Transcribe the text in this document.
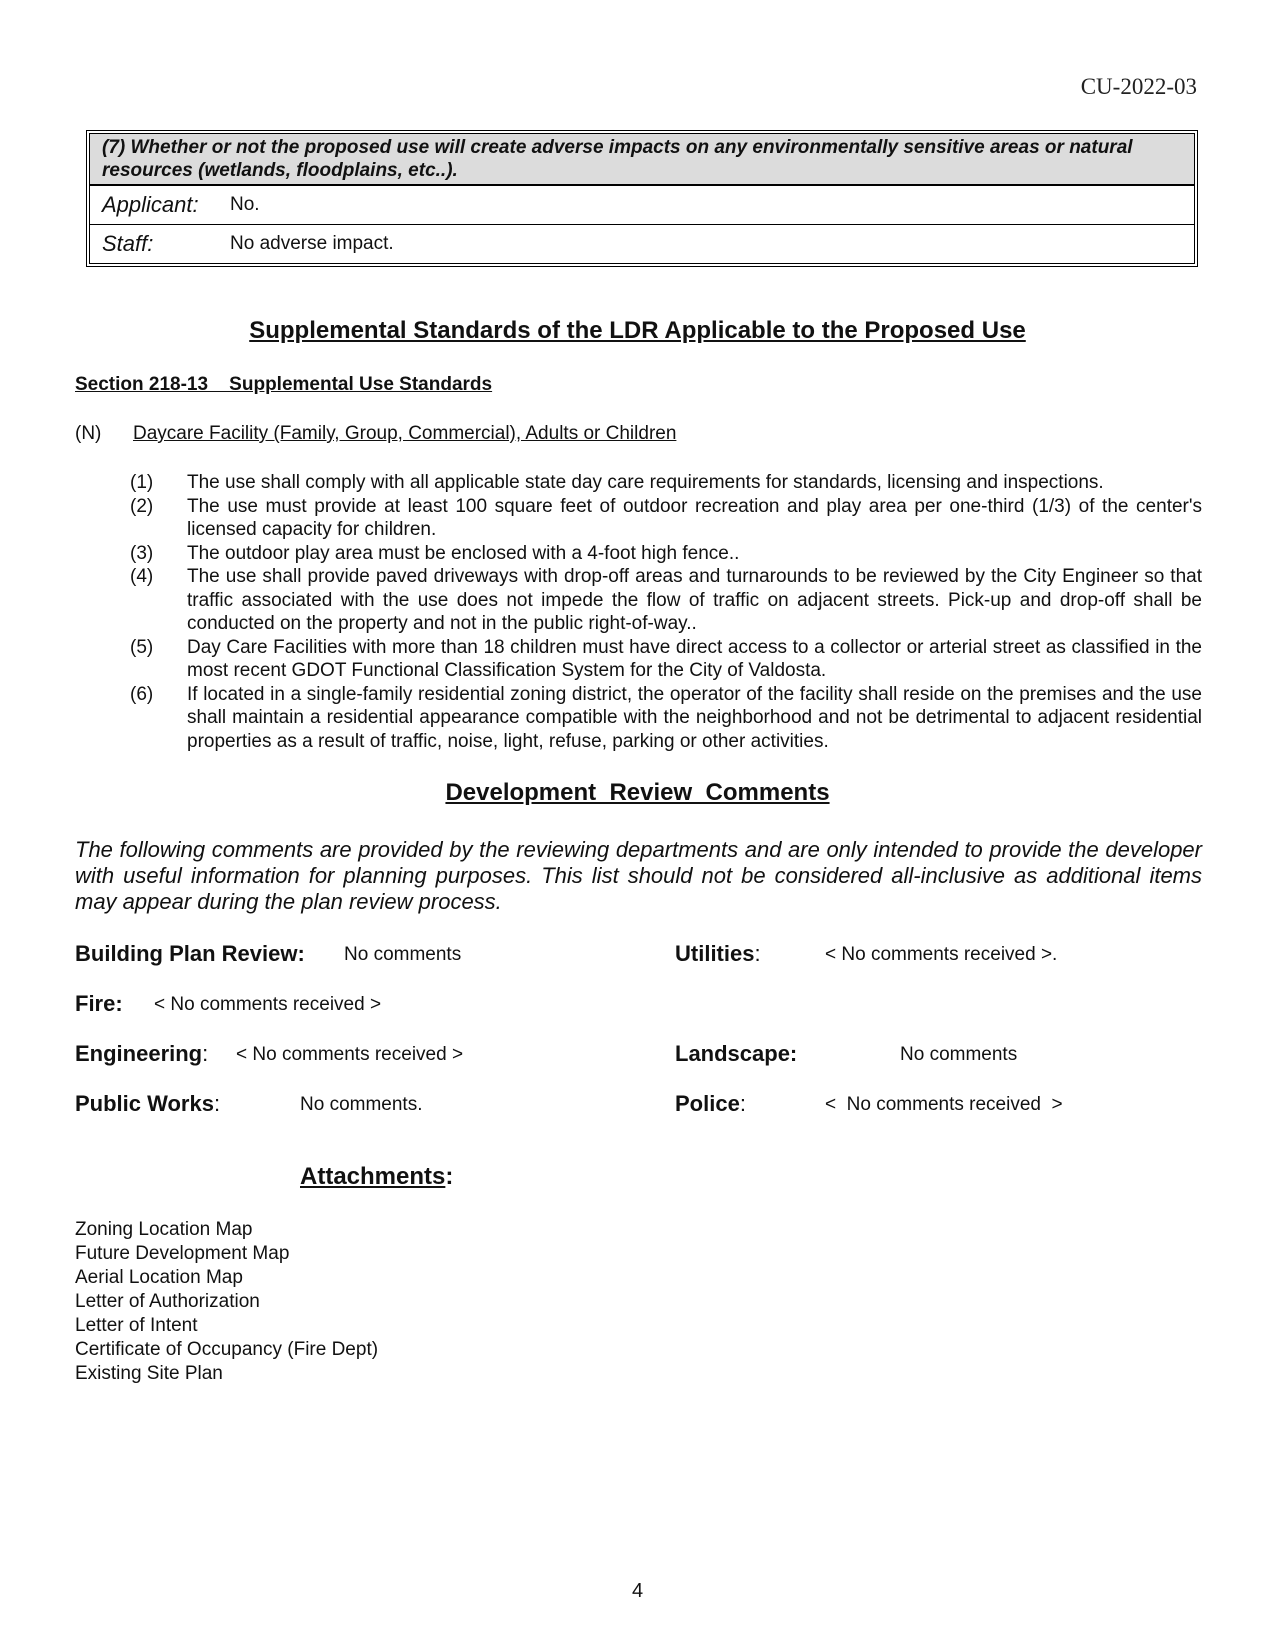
CU-2022-03
(7) Whether or not the proposed use will create adverse impacts on any environmentally sensitive areas or natural resources (wetlands, floodplains, etc..).
Applicant:	No.
Staff:	No adverse impact.
Supplemental Standards of the LDR Applicable to the Proposed Use
Section 218-13    Supplemental Use Standards
(N) Daycare Facility (Family, Group, Commercial), Adults or Children
(1)	The use shall comply with all applicable state day care requirements for standards, licensing and inspections.
(2)	The use must provide at least 100 square feet of outdoor recreation and play area per one-third (1/3) of the center's licensed capacity for children.
(3)	The outdoor play area must be enclosed with a 4-foot high fence..
(4)	The use shall provide paved driveways with drop-off areas and turnarounds to be reviewed by the City Engineer so that traffic associated with the use does not impede the flow of traffic on adjacent streets. Pick-up and drop-off shall be conducted on the property and not in the public right-of-way..
(5)	Day Care Facilities with more than 18 children must have direct access to a collector or arterial street as classified in the most recent GDOT Functional Classification System for the City of Valdosta.
(6)	If located in a single-family residential zoning district, the operator of the facility shall reside on the premises and the use shall maintain a residential appearance compatible with the neighborhood and not be detrimental to adjacent residential properties as a result of traffic, noise, light, refuse, parking or other activities.
Development  Review  Comments
The following comments are provided by the reviewing departments and are only intended to provide the developer with useful information for planning purposes. This list should not be considered all-inclusive as additional items may appear during the plan review process.
Building Plan Review: No comments	Utilities:	< No comments received >.
Fire: < No comments received >
Engineering: < No comments received >	Landscape:	No comments
Public Works:	No comments.	Police:	<  No comments received  >
Attachments:
Zoning Location Map
Future Development Map
Aerial Location Map
Letter of Authorization
Letter of Intent
Certificate of Occupancy (Fire Dept)
Existing Site Plan
4
